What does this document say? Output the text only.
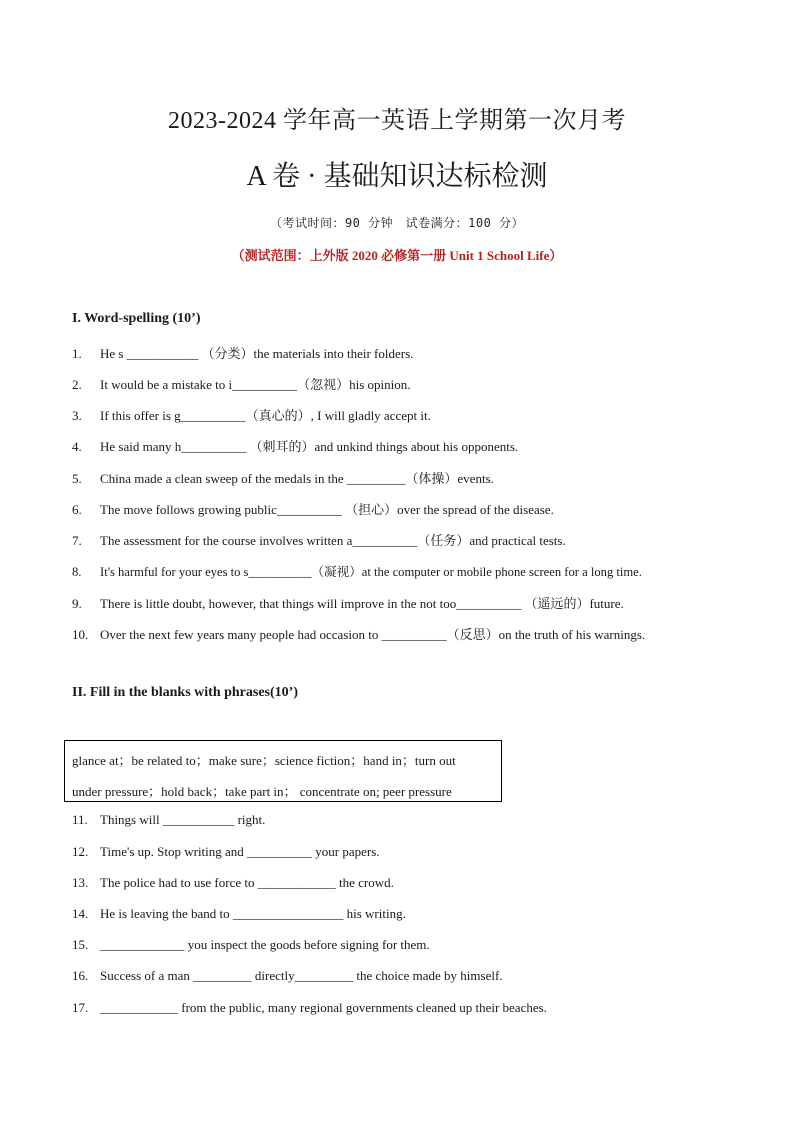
2023-2024 学年高一英语上学期第一次月考
A 卷 · 基础知识达标检测
（考试时间：90 分钟　试卷满分：100 分）
（测试范围：上外版 2020 必修第一册 Unit 1 School Life）
I. Word-spelling (10’)
1. He s ___________ （分类）the materials into their folders.
2. It would be a mistake to i__________（忽视）his opinion.
3. If this offer is g__________（真心的）, I will gladly accept it.
4. He said many h__________ （刺耳的）and unkind things about his opponents.
5. China made a clean sweep of the medals in the _________（体操）events.
6. The move follows growing public__________ （担心）over the spread of the disease.
7. The assessment for the course involves written a__________（任务）and practical tests.
8. It's harmful for your eyes to s__________（凝视）at the computer or mobile phone screen for a long time.
9. There is little doubt, however, that things will improve in the not too__________ （遥远的）future.
10. Over the next few years many people had occasion to __________（反思）on the truth of his warnings.
II. Fill in the blanks with phrases(10’)
glance at；be related to；make sure；science fiction；hand in；turn out
under pressure；hold back；take part in； concentrate on; peer pressure
11. Things will ___________ right.
12. Time's up. Stop writing and __________ your papers.
13. The police had to use force to ____________ the crowd.
14. He is leaving the band to _________________ his writing.
15. _____________ you inspect the goods before signing for them.
16. Success of a man _________ directly_________ the choice made by himself.
17. ____________ from the public, many regional governments cleaned up their beaches.
